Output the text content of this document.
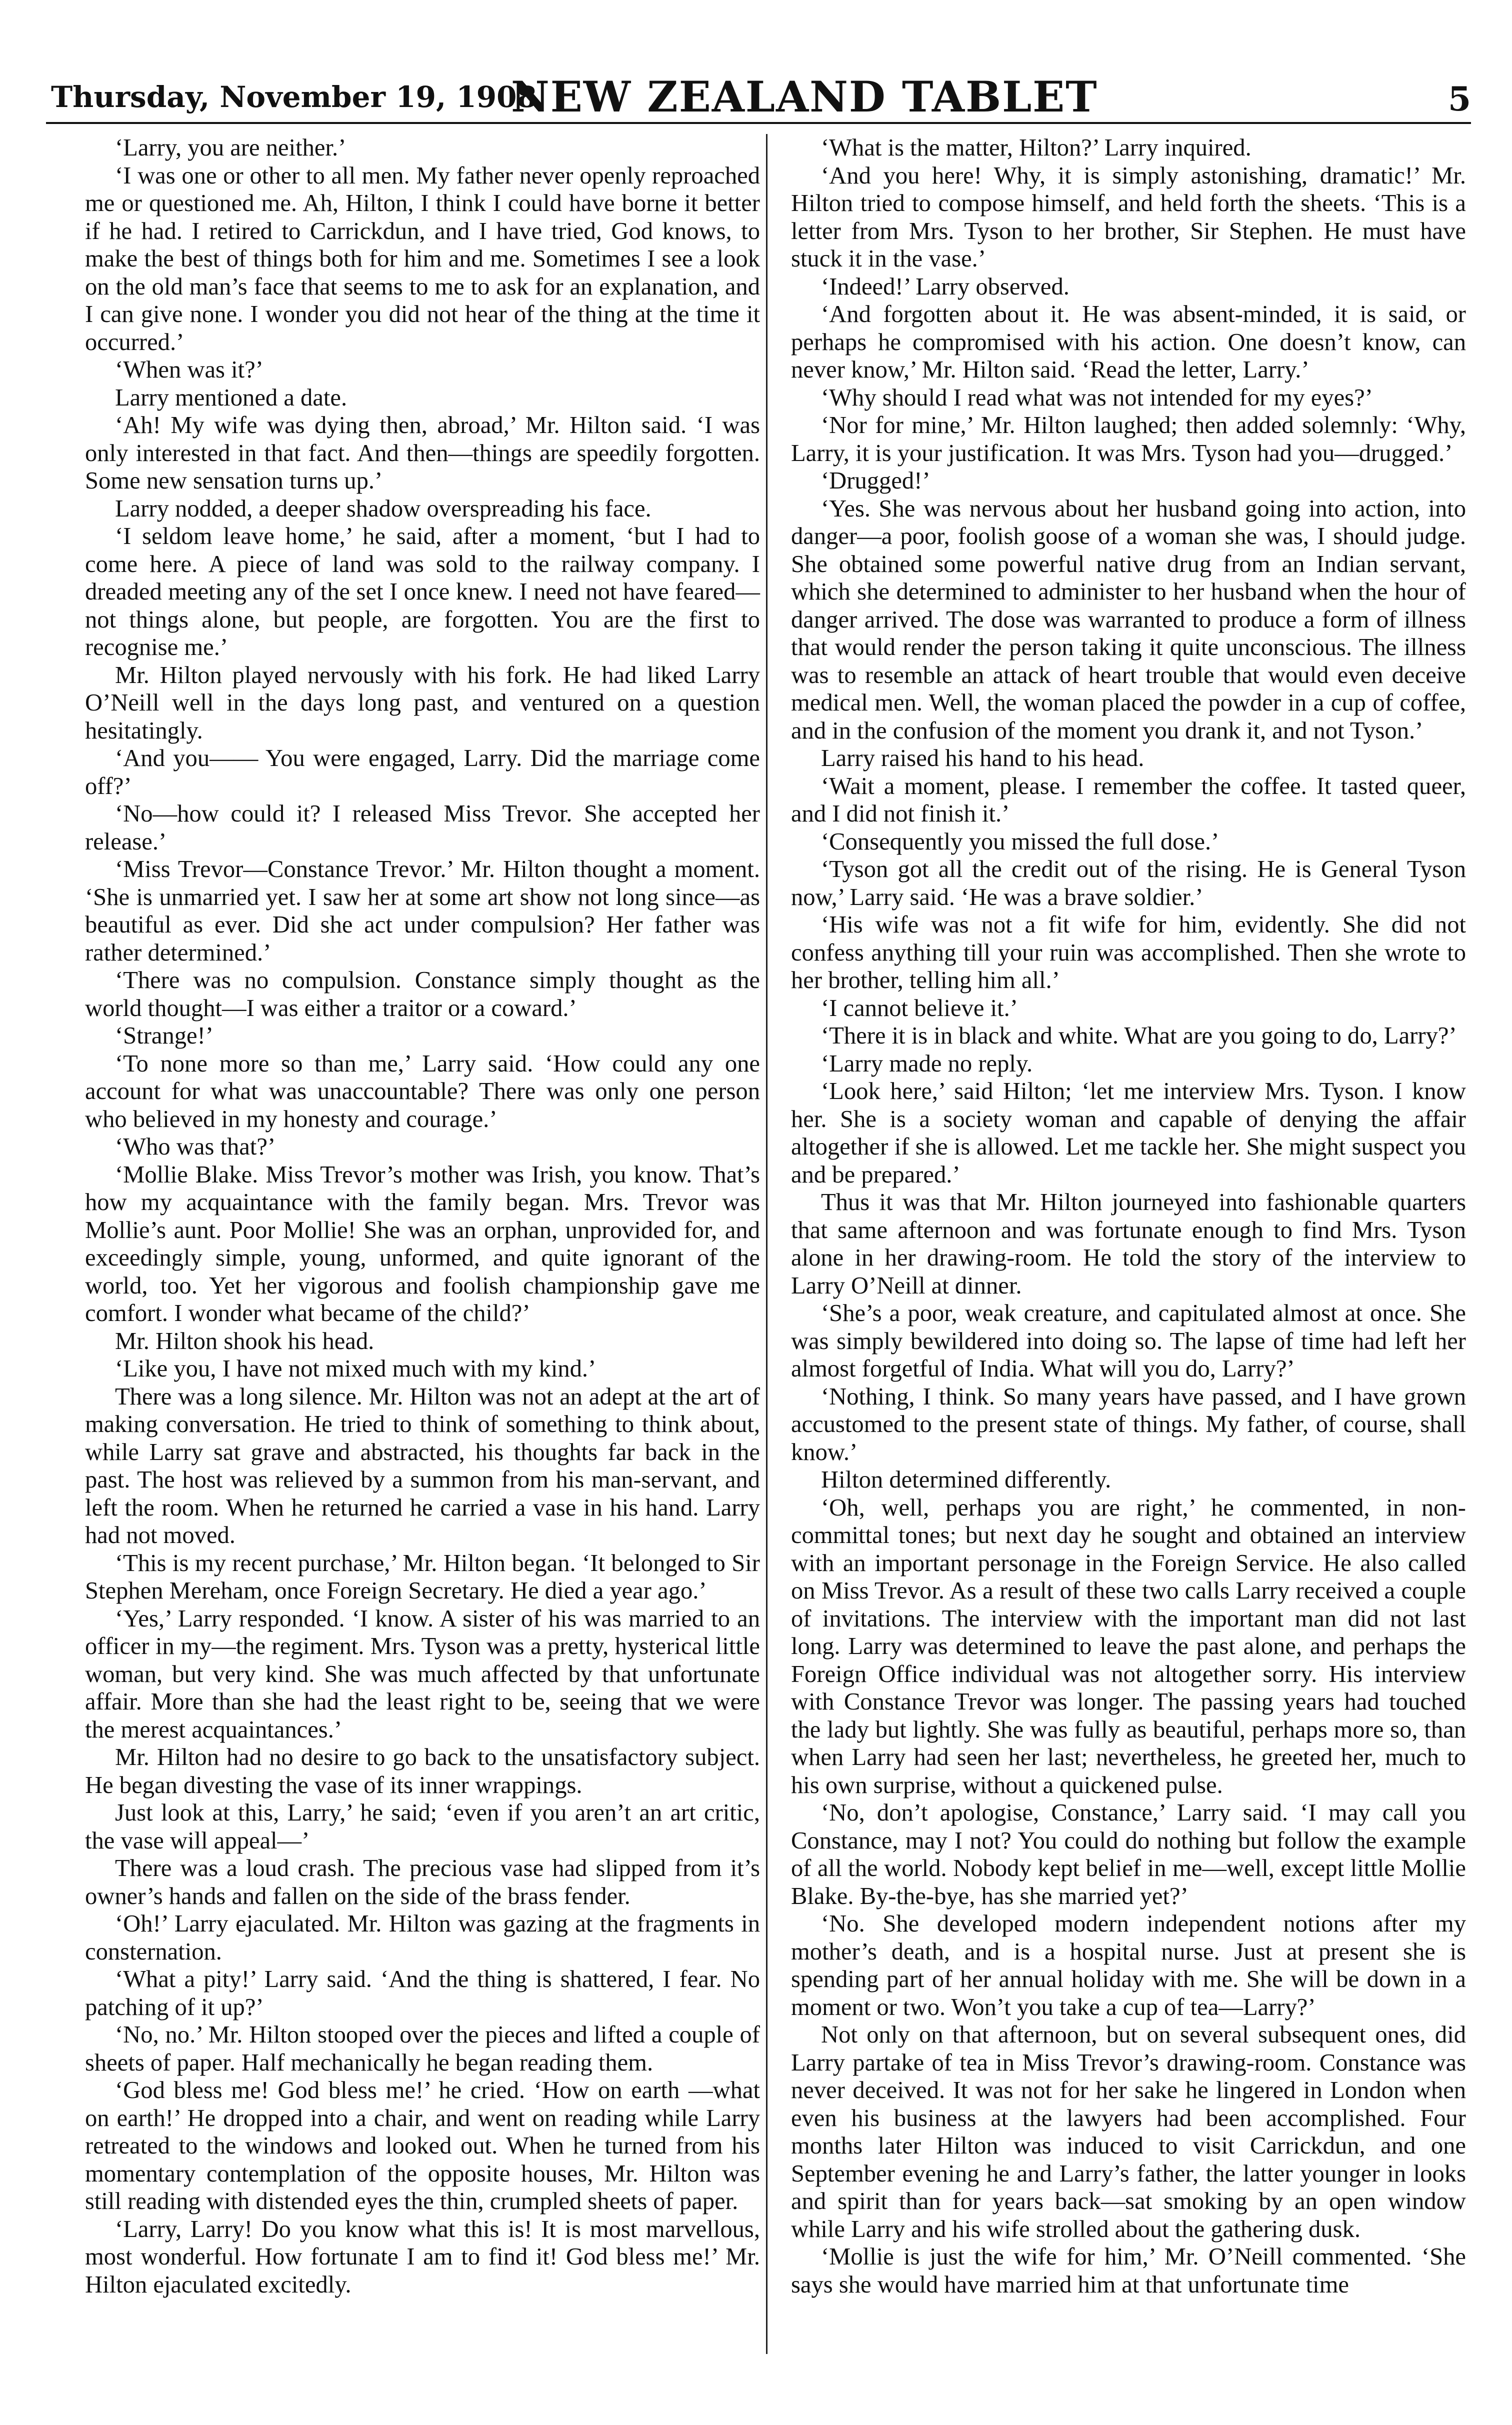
Thursday, November 19, 1908
NEW ZEALAND TABLET	5

‘Larry, you are neither.’

‘I was one or other to all men. My father never openly reproached me or questioned me. Ah, Hilton, I think I could have borne it better if he had. I retired to Carrickdun, and I have tried, God knows, to make the best of things both for him and me. Sometimes I see a look on the old man’s face that seems to me to ask for an explanation, and I can give none. I wonder you did not hear of the thing at the time it occurred.’

‘When was it?’

Larry mentioned a date.

‘Ah! My wife was dying then, abroad,’ Mr. Hilton said. ‘I was only interested in that fact. And then—things are speedily forgotten. Some new sensation turns up.’

Larry nodded, a deeper shadow overspreading his face.

‘I seldom leave home,’ he said, after a moment, ‘but I had to come here. A piece of land was sold to the railway company. I dreaded meeting any of the set I once knew. I need not have feared—not things alone, but people, are forgotten. You are the first to recognise me.’

Mr. Hilton played nervously with his fork. He had liked Larry O’Neill well in the days long past, and ventured on a question hesitatingly.

‘And you—— You were engaged, Larry. Did the marriage come off?’

‘No—how could it? I released Miss Trevor. She accepted her release.’

‘Miss Trevor—Constance Trevor.’ Mr. Hilton thought a moment. ‘She is unmarried yet. I saw her at some art show not long since—as beautiful as ever. Did she act under compulsion? Her father was rather determined.’

‘There was no compulsion. Constance simply thought as the world thought—I was either a traitor or a coward.’

‘Strange!’

‘To none more so than me,’ Larry said. ‘How could any one account for what was unaccountable? There was only one person who believed in my honesty and courage.’

‘Who was that?’

‘Mollie Blake. Miss Trevor’s mother was Irish, you know. That’s how my acquaintance with the family began. Mrs. Trevor was Mollie’s aunt. Poor Mollie! She was an orphan, unprovided for, and exceedingly simple, young, unformed, and quite ignorant of the world, too. Yet her vigorous and foolish championship gave me comfort. I wonder what became of the child?’

Mr. Hilton shook his head.

‘Like you, I have not mixed much with my kind.’

There was a long silence. Mr. Hilton was not an adept at the art of making conversation. He tried to think of something to think about, while Larry sat grave and abstracted, his thoughts far back in the past. The host was relieved by a summon from his man-servant, and left the room. When he returned he carried a vase in his hand. Larry had not moved.

‘This is my recent purchase,’ Mr. Hilton began. ‘It belonged to Sir Stephen Mereham, once Foreign Secretary. He died a year ago.’

‘Yes,’ Larry responded. ‘I know. A sister of his was married to an officer in my—the regiment. Mrs. Tyson was a pretty, hysterical little woman, but very kind. She was much affected by that unfortunate affair. More than she had the least right to be, seeing that we were the merest acquaintances.’

Mr. Hilton had no desire to go back to the unsatisfactory subject. He began divesting the vase of its inner wrappings.

Just look at this, Larry,’ he said; ‘even if you aren’t an art critic, the vase will appeal—’

There was a loud crash. The precious vase had slipped from it’s owner’s hands and fallen on the side of the brass fender.

‘Oh!’ Larry ejaculated. Mr. Hilton was gazing at the fragments in consternation.

‘What a pity!’ Larry said. ‘And the thing is shattered, I fear. No patching of it up?’

‘No, no.’ Mr. Hilton stooped over the pieces and lifted a couple of sheets of paper. Half mechanically he began reading them.

‘God bless me! God bless me!’ he cried. ‘How on earth —what on earth!’ He dropped into a chair, and went on reading while Larry retreated to the windows and looked out. When he turned from his momentary contemplation of the opposite houses, Mr. Hilton was still reading with distended eyes the thin, crumpled sheets of paper.

‘Larry, Larry! Do you know what this is! It is most marvellous, most wonderful. How fortunate I am to find it! God bless me!’ Mr. Hilton ejaculated excitedly.

‘What is the matter, Hilton?’ Larry inquired.

‘And you here! Why, it is simply astonishing, dramatic!’ Mr. Hilton tried to compose himself, and held forth the sheets. ‘This is a letter from Mrs. Tyson to her brother, Sir Stephen. He must have stuck it in the vase.’

‘Indeed!’ Larry observed.

‘And forgotten about it. He was absent-minded, it is said, or perhaps he compromised with his action. One doesn’t know, can never know,’ Mr. Hilton said. ‘Read the letter, Larry.’

‘Why should I read what was not intended for my eyes?’

‘Nor for mine,’ Mr. Hilton laughed; then added solemnly: ‘Why, Larry, it is your justification. It was Mrs. Tyson had you—drugged.’

‘Drugged!’

‘Yes. She was nervous about her husband going into action, into danger—a poor, foolish goose of a woman she was, I should judge. She obtained some powerful native drug from an Indian servant, which she determined to administer to her husband when the hour of danger arrived. The dose was warranted to produce a form of illness that would render the person taking it quite unconscious. The illness was to resemble an attack of heart trouble that would even deceive medical men. Well, the woman placed the powder in a cup of coffee, and in the confusion of the moment you drank it, and not Tyson.’

Larry raised his hand to his head.

‘Wait a moment, please. I remember the coffee. It tasted queer, and I did not finish it.’

‘Consequently you missed the full dose.’

‘Tyson got all the credit out of the rising. He is General Tyson now,’ Larry said. ‘He was a brave soldier.’

‘His wife was not a fit wife for him, evidently. She did not confess anything till your ruin was accomplished. Then she wrote to her brother, telling him all.’

‘I cannot believe it.’

‘There it is in black and white. What are you going to do, Larry?’

‘Larry made no reply.

‘Look here,’ said Hilton; ‘let me interview Mrs. Tyson. I know her. She is a society woman and capable of denying the affair altogether if she is allowed. Let me tackle her. She might suspect you and be prepared.’

Thus it was that Mr. Hilton journeyed into fashionable quarters that same afternoon and was fortunate enough to find Mrs. Tyson alone in her drawing-room. He told the story of the interview to Larry O’Neill at dinner.

‘She’s a poor, weak creature, and capitulated almost at once. She was simply bewildered into doing so. The lapse of time had left her almost forgetful of India. What will you do, Larry?’

‘Nothing, I think. So many years have passed, and I have grown accustomed to the present state of things. My father, of course, shall know.’

Hilton determined differently.

‘Oh, well, perhaps you are right,’ he commented, in non-committal tones; but next day he sought and obtained an interview with an important personage in the Foreign Service. He also called on Miss Trevor. As a result of these two calls Larry received a couple of invitations. The interview with the important man did not last long. Larry was determined to leave the past alone, and perhaps the Foreign Office individual was not altogether sorry. His interview with Constance Trevor was longer. The passing years had touched the lady but lightly. She was fully as beautiful, perhaps more so, than when Larry had seen her last; nevertheless, he greeted her, much to his own surprise, without a quickened pulse.

‘No, don’t apologise, Constance,’ Larry said. ‘I may call you Constance, may I not? You could do nothing but follow the example of all the world. Nobody kept belief in me—well, except little Mollie Blake. By-the-bye, has she married yet?’

‘No. She developed modern independent notions after my mother’s death, and is a hospital nurse. Just at present she is spending part of her annual holiday with me. She will be down in a moment or two. Won’t you take a cup of tea—Larry?’

Not only on that afternoon, but on several subsequent ones, did Larry partake of tea in Miss Trevor’s drawing-room. Constance was never deceived. It was not for her sake he lingered in London when even his business at the lawyers had been accomplished. Four months later Hilton was induced to visit Carrickdun, and one September evening he and Larry’s father, the latter younger in looks and spirit than for years back—sat smoking by an open window while Larry and his wife strolled about the gathering dusk.

‘Mollie is just the wife for him,’ Mr. O’Neill commented. ‘She says she would have married him at that unfortunate time
